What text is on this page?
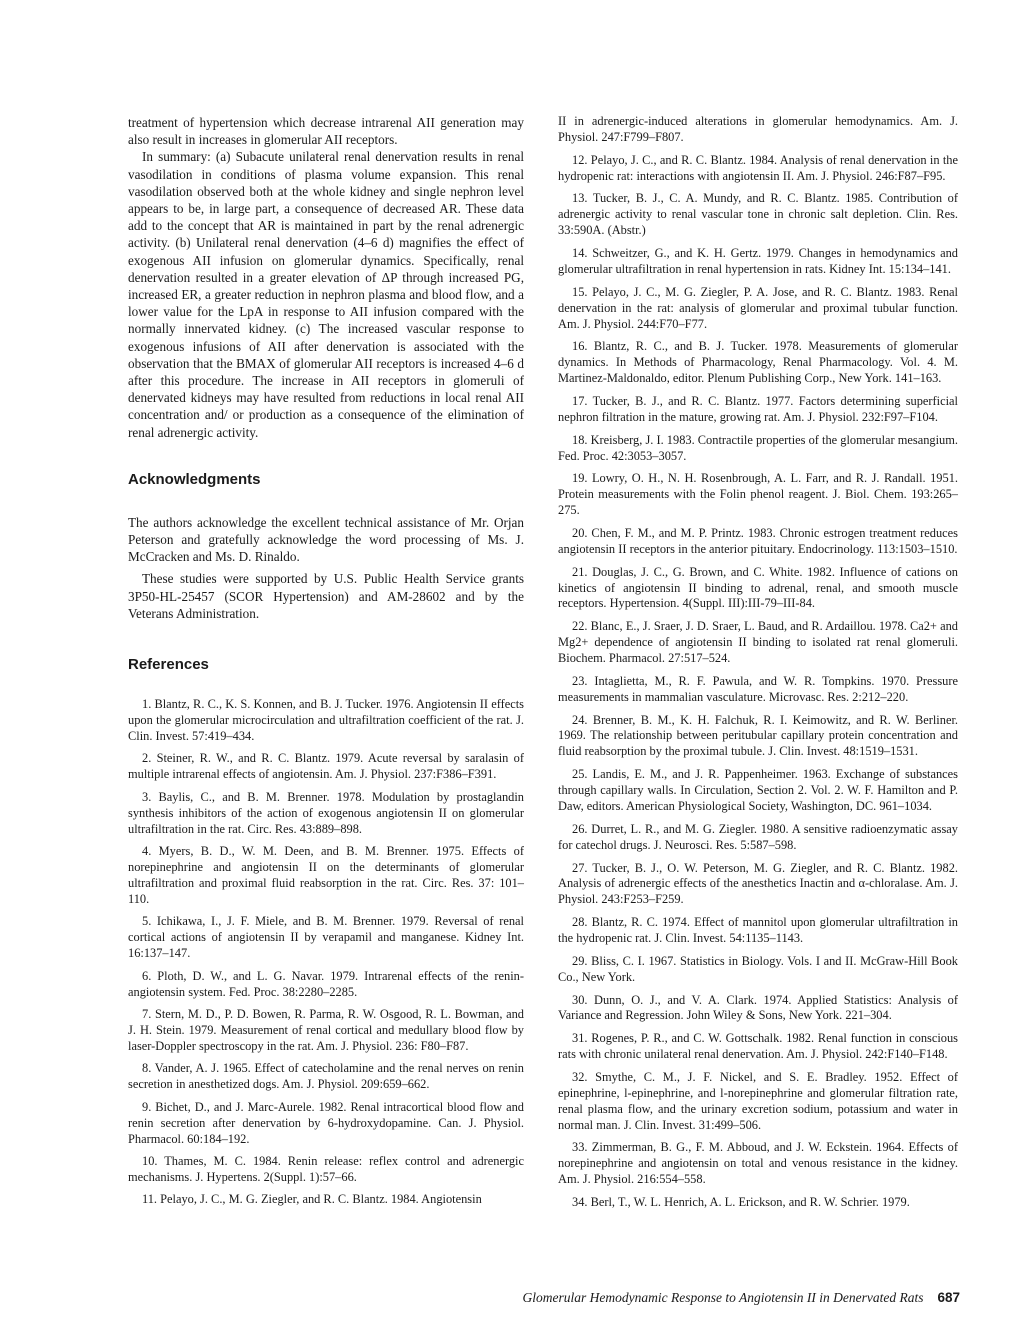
treatment of hypertension which decrease intrarenal AII generation may also result in increases in glomerular AII receptors.

In summary: (a) Subacute unilateral renal denervation results in renal vasodilation in conditions of plasma volume expansion. This renal vasodilation observed both at the whole kidney and single nephron level appears to be, in large part, a consequence of decreased AR. These data add to the concept that AR is maintained in part by the renal adrenergic activity. (b) Unilateral renal denervation (4–6 d) magnifies the effect of exogenous AII infusion on glomerular dynamics. Specifically, renal denervation resulted in a greater elevation of ΔP through increased PG, increased ER, a greater reduction in nephron plasma and blood flow, and a lower value for the LpA in response to AII infusion compared with the normally innervated kidney. (c) The increased vascular response to exogenous infusions of AII after denervation is associated with the observation that the BMAX of glomerular AII receptors is increased 4–6 d after this procedure. The increase in AII receptors in glomeruli of denervated kidneys may have resulted from reductions in local renal AII concentration and/ or production as a consequence of the elimination of renal adrenergic activity.

Acknowledgments

The authors acknowledge the excellent technical assistance of Mr. Orjan Peterson and gratefully acknowledge the word processing of Ms. J. McCracken and Ms. D. Rinaldo.

These studies were supported by U.S. Public Health Service grants 3P50-HL-25457 (SCOR Hypertension) and AM-28602 and by the Veterans Administration.

References

1. Blantz, R. C., K. S. Konnen, and B. J. Tucker. 1976. Angiotensin II effects upon the glomerular microcirculation and ultrafiltration coefficient of the rat. J. Clin. Invest. 57:419–434.

2. Steiner, R. W., and R. C. Blantz. 1979. Acute reversal by saralasin of multiple intrarenal effects of angiotensin. Am. J. Physiol. 237:F386–F391.

3. Baylis, C., and B. M. Brenner. 1978. Modulation by prostaglandin synthesis inhibitors of the action of exogenous angiotensin II on glomerular ultrafiltration in the rat. Circ. Res. 43:889–898.

4. Myers, B. D., W. M. Deen, and B. M. Brenner. 1975. Effects of norepinephrine and angiotensin II on the determinants of glomerular ultrafiltration and proximal fluid reabsorption in the rat. Circ. Res. 37: 101–110.

5. Ichikawa, I., J. F. Miele, and B. M. Brenner. 1979. Reversal of renal cortical actions of angiotensin II by verapamil and manganese. Kidney Int. 16:137–147.

6. Ploth, D. W., and L. G. Navar. 1979. Intrarenal effects of the renin-angiotensin system. Fed. Proc. 38:2280–2285.

7. Stern, M. D., P. D. Bowen, R. Parma, R. W. Osgood, R. L. Bowman, and J. H. Stein. 1979. Measurement of renal cortical and medullary blood flow by laser-Doppler spectroscopy in the rat. Am. J. Physiol. 236: F80–F87.

8. Vander, A. J. 1965. Effect of catecholamine and the renal nerves on renin secretion in anesthetized dogs. Am. J. Physiol. 209:659–662.

9. Bichet, D., and J. Marc-Aurele. 1982. Renal intracortical blood flow and renin secretion after denervation by 6-hydroxydopamine. Can. J. Physiol. Pharmacol. 60:184–192.

10. Thames, M. C. 1984. Renin release: reflex control and adrenergic mechanisms. J. Hypertens. 2(Suppl. 1):57–66.

11. Pelayo, J. C., M. G. Ziegler, and R. C. Blantz. 1984. Angiotensin

II in adrenergic-induced alterations in glomerular hemodynamics. Am. J. Physiol. 247:F799–F807.

12. Pelayo, J. C., and R. C. Blantz. 1984. Analysis of renal denervation in the hydropenic rat: interactions with angiotensin II. Am. J. Physiol. 246:F87–F95.

13. Tucker, B. J., C. A. Mundy, and R. C. Blantz. 1985. Contribution of adrenergic activity to renal vascular tone in chronic salt depletion. Clin. Res. 33:590A. (Abstr.)

14. Schweitzer, G., and K. H. Gertz. 1979. Changes in hemodynamics and glomerular ultrafiltration in renal hypertension in rats. Kidney Int. 15:134–141.

15. Pelayo, J. C., M. G. Ziegler, P. A. Jose, and R. C. Blantz. 1983. Renal denervation in the rat: analysis of glomerular and proximal tubular function. Am. J. Physiol. 244:F70–F77.

16. Blantz, R. C., and B. J. Tucker. 1978. Measurements of glomerular dynamics. In Methods of Pharmacology, Renal Pharmacology. Vol. 4. M. Martinez-Maldonaldo, editor. Plenum Publishing Corp., New York. 141–163.

17. Tucker, B. J., and R. C. Blantz. 1977. Factors determining superficial nephron filtration in the mature, growing rat. Am. J. Physiol. 232:F97–F104.

18. Kreisberg, J. I. 1983. Contractile properties of the glomerular mesangium. Fed. Proc. 42:3053–3057.

19. Lowry, O. H., N. H. Rosenbrough, A. L. Farr, and R. J. Randall. 1951. Protein measurements with the Folin phenol reagent. J. Biol. Chem. 193:265–275.

20. Chen, F. M., and M. P. Printz. 1983. Chronic estrogen treatment reduces angiotensin II receptors in the anterior pituitary. Endocrinology. 113:1503–1510.

21. Douglas, J. C., G. Brown, and C. White. 1982. Influence of cations on kinetics of angiotensin II binding to adrenal, renal, and smooth muscle receptors. Hypertension. 4(Suppl. III):III-79–III-84.

22. Blanc, E., J. Sraer, J. D. Sraer, L. Baud, and R. Ardaillou. 1978. Ca2+ and Mg2+ dependence of angiotensin II binding to isolated rat renal glomeruli. Biochem. Pharmacol. 27:517–524.

23. Intaglietta, M., R. F. Pawula, and W. R. Tompkins. 1970. Pressure measurements in mammalian vasculature. Microvasc. Res. 2:212–220.

24. Brenner, B. M., K. H. Falchuk, R. I. Keimowitz, and R. W. Berliner. 1969. The relationship between peritubular capillary protein concentration and fluid reabsorption by the proximal tubule. J. Clin. Invest. 48:1519–1531.

25. Landis, E. M., and J. R. Pappenheimer. 1963. Exchange of substances through capillary walls. In Circulation, Section 2. Vol. 2. W. F. Hamilton and P. Daw, editors. American Physiological Society, Washington, DC. 961–1034.

26. Durret, L. R., and M. G. Ziegler. 1980. A sensitive radioenzymatic assay for catechol drugs. J. Neurosci. Res. 5:587–598.

27. Tucker, B. J., O. W. Peterson, M. G. Ziegler, and R. C. Blantz. 1982. Analysis of adrenergic effects of the anesthetics Inactin and α-chloralase. Am. J. Physiol. 243:F253–F259.

28. Blantz, R. C. 1974. Effect of mannitol upon glomerular ultrafiltration in the hydropenic rat. J. Clin. Invest. 54:1135–1143.

29. Bliss, C. I. 1967. Statistics in Biology. Vols. I and II. McGraw-Hill Book Co., New York.

30. Dunn, O. J., and V. A. Clark. 1974. Applied Statistics: Analysis of Variance and Regression. John Wiley & Sons, New York. 221–304.

31. Rogenes, P. R., and C. W. Gottschalk. 1982. Renal function in conscious rats with chronic unilateral renal denervation. Am. J. Physiol. 242:F140–F148.

32. Smythe, C. M., J. F. Nickel, and S. E. Bradley. 1952. Effect of epinephrine, l-epinephrine, and l-norepinephrine and glomerular filtration rate, renal plasma flow, and the urinary excretion sodium, potassium and water in normal man. J. Clin. Invest. 31:499–506.

33. Zimmerman, B. G., F. M. Abboud, and J. W. Eckstein. 1964. Effects of norepinephrine and angiotensin on total and venous resistance in the kidney. Am. J. Physiol. 216:554–558.

34. Berl, T., W. L. Henrich, A. L. Erickson, and R. W. Schrier. 1979.

Glomerular Hemodynamic Response to Angiotensin II in Denervated Rats 687
